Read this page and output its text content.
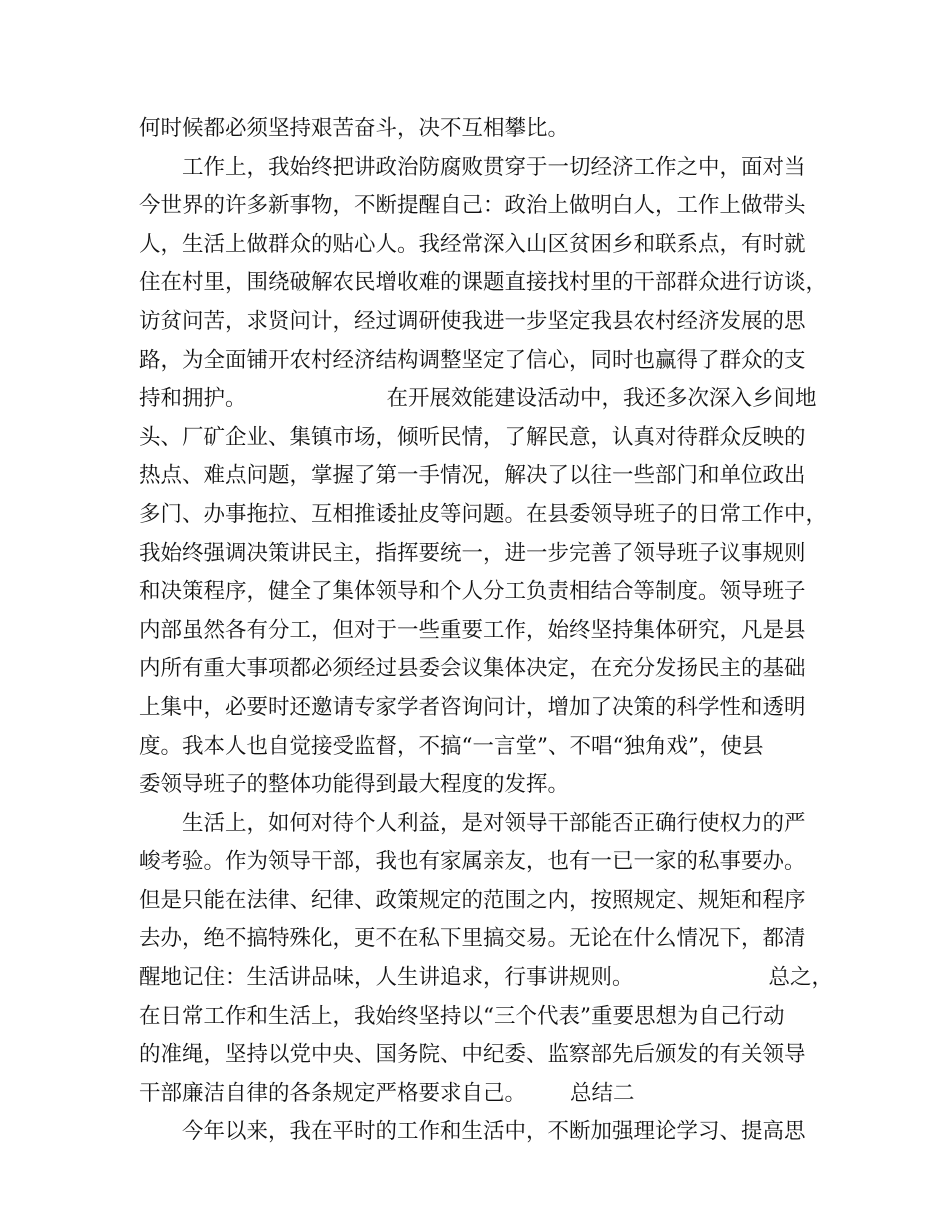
何时候都必须坚持艰苦奋斗，决不互相攀比。
工作上，我始终把讲政治防腐败贯穿于一切经济工作之中，面对当
今世界的许多新事物，不断提醒自己：政治上做明白人，工作上做带头
人，生活上做群众的贴心人。我经常深入山区贫困乡和联系点，有时就
住在村里，围绕破解农民增收难的课题直接找村里的干部群众进行访谈，
访贫问苦，求贤问计，经过调研使我进一步坚定我县农村经济发展的思
路，为全面铺开农村经济结构调整坚定了信心，同时也赢得了群众的支
持和拥护。	在开展效能建设活动中，我还多次深入乡间地
头、厂矿企业、集镇市场，倾听民情，了解民意，认真对待群众反映的
热点、难点问题，掌握了第一手情况，解决了以往一些部门和单位政出
多门、办事拖拉、互相推诿扯皮等问题。在县委领导班子的日常工作中，
我始终强调决策讲民主，指挥要统一，进一步完善了领导班子议事规则
和决策程序，健全了集体领导和个人分工负责相结合等制度。领导班子
内部虽然各有分工，但对于一些重要工作，始终坚持集体研究，凡是县
内所有重大事项都必须经过县委会议集体决定，在充分发扬民主的基础
上集中，必要时还邀请专家学者咨询问计，增加了决策的科学性和透明
度。我本人也自觉接受监督，不搞“一言堂”、不唱“独角戏”，使县
委领导班子的整体功能得到最大程度的发挥。
生活上，如何对待个人利益，是对领导干部能否正确行使权力的严
峻考验。作为领导干部，我也有家属亲友，也有一已一家的私事要办。
但是只能在法律、纪律、政策规定的范围之内，按照规定、规矩和程序
去办，绝不搞特殊化，更不在私下里搞交易。无论在什么情况下，都清
醒地记住：生活讲品味，人生讲追求，行事讲规则。	总之，
在日常工作和生活上，我始终坚持以“三个代表”重要思想为自己行动
的准绳，坚持以党中央、国务院、中纪委、监察部先后颁发的有关领导
干部廉洁自律的各条规定严格要求自己。 总结二
今年以来，我在平时的工作和生活中，不断加强理论学习、提高思
